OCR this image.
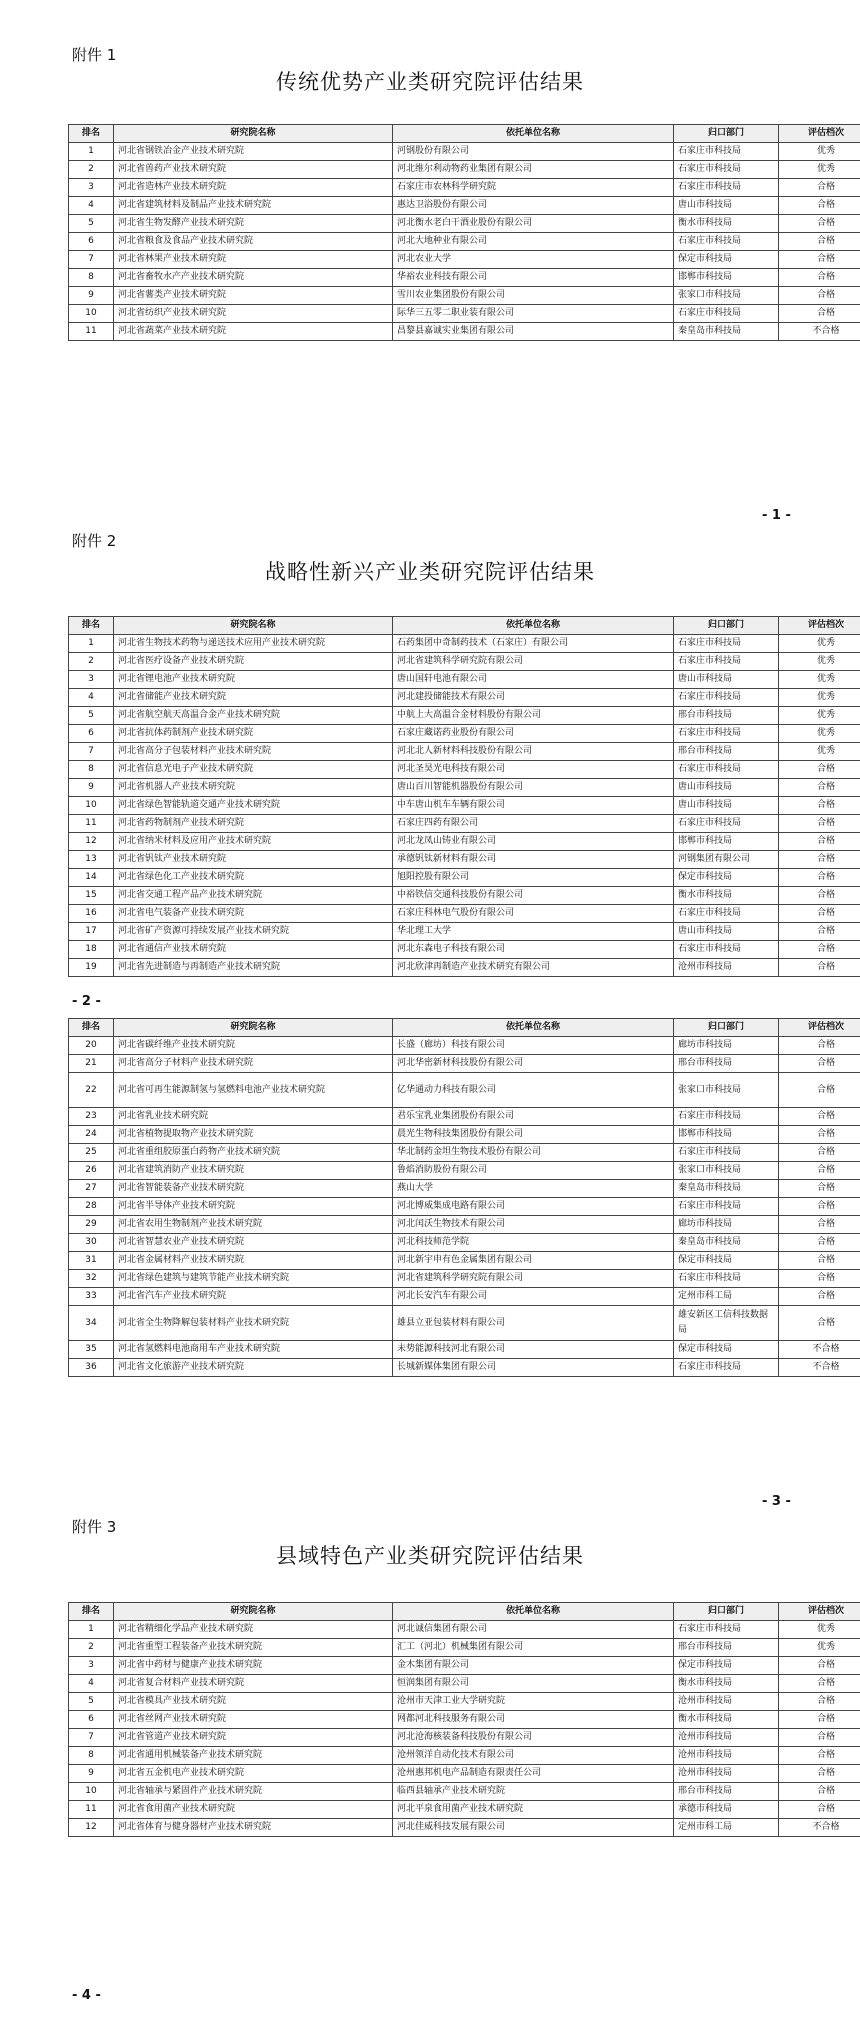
附件 1
传统优势产业类研究院评估结果
排名	研究院名称	依托单位名称	归口部门	评估档次
1	河北省钢铁冶金产业技术研究院	河钢股份有限公司	石家庄市科技局	优秀
2	河北省兽药产业技术研究院	河北维尔利动物药业集团有限公司	石家庄市科技局	优秀
3	河北省造林产业技术研究院	石家庄市农林科学研究院	石家庄市科技局	合格
4	河北省建筑材料及制品产业技术研究院	惠达卫浴股份有限公司	唐山市科技局	合格
5	河北省生物发酵产业技术研究院	河北衡水老白干酒业股份有限公司	衡水市科技局	合格
6	河北省粮食及食品产业技术研究院	河北大地种业有限公司	石家庄市科技局	合格
7	河北省林果产业技术研究院	河北农业大学	保定市科技局	合格
8	河北省畜牧水产产业技术研究院	华裕农业科技有限公司	邯郸市科技局	合格
9	河北省薯类产业技术研究院	雪川农业集团股份有限公司	张家口市科技局	合格
10	河北省纺织产业技术研究院	际华三五零二职业装有限公司	石家庄市科技局	合格
11	河北省蔬菜产业技术研究院	昌黎县嘉诚实业集团有限公司	秦皇岛市科技局	不合格
- 1 -
附件 2
战略性新兴产业类研究院评估结果
排名	研究院名称	依托单位名称	归口部门	评估档次
1	河北省生物技术药物与递送技术应用产业技术研究院	石药集团中奇制药技术（石家庄）有限公司	石家庄市科技局	优秀
2	河北省医疗设备产业技术研究院	河北省建筑科学研究院有限公司	石家庄市科技局	优秀
3	河北省锂电池产业技术研究院	唐山国轩电池有限公司	唐山市科技局	优秀
4	河北省储能产业技术研究院	河北建投储能技术有限公司	石家庄市科技局	优秀
5	河北省航空航天高温合金产业技术研究院	中航上大高温合金材料股份有限公司	邢台市科技局	优秀
6	河北省抗体药制剂产业技术研究院	石家庄藏诺药业股份有限公司	石家庄市科技局	优秀
7	河北省高分子包装材料产业技术研究院	河北北人新材料科技股份有限公司	邢台市科技局	优秀
8	河北省信息光电子产业技术研究院	河北圣昊光电科技有限公司	石家庄市科技局	合格
9	河北省机器人产业技术研究院	唐山百川智能机器股份有限公司	唐山市科技局	合格
10	河北省绿色智能轨道交通产业技术研究院	中车唐山机车车辆有限公司	唐山市科技局	合格
11	河北省药物制剂产业技术研究院	石家庄四药有限公司	石家庄市科技局	合格
12	河北省纳米材料及应用产业技术研究院	河北龙凤山铸业有限公司	邯郸市科技局	合格
13	河北省钒钛产业技术研究院	承德钒钛新材料有限公司	河钢集团有限公司	合格
14	河北省绿色化工产业技术研究院	旭阳控股有限公司	保定市科技局	合格
15	河北省交通工程产品产业技术研究院	中裕铁信交通科技股份有限公司	衡水市科技局	合格
16	河北省电气装备产业技术研究院	石家庄科林电气股份有限公司	石家庄市科技局	合格
17	河北省矿产资源可持续发展产业技术研究院	华北理工大学	唐山市科技局	合格
18	河北省通信产业技术研究院	河北东森电子科技有限公司	石家庄市科技局	合格
19	河北省先进制造与再制造产业技术研究院	河北欣津再制造产业技术研究有限公司	沧州市科技局	合格
- 2 -
排名	研究院名称	依托单位名称	归口部门	评估档次
20	河北省碳纤维产业技术研究院	长盛（廊坊）科技有限公司	廊坊市科技局	合格
21	河北省高分子材料产业技术研究院	河北华密新材科技股份有限公司	邢台市科技局	合格
22	河北省可再生能源制氢与氢燃料电池产业技术研究院	亿华通动力科技有限公司	张家口市科技局	合格
23	河北省乳业技术研究院	君乐宝乳业集团股份有限公司	石家庄市科技局	合格
24	河北省植物提取物产业技术研究院	晨光生物科技集团股份有限公司	邯郸市科技局	合格
25	河北省重组胶原蛋白药物产业技术研究院	华北制药金坦生物技术股份有限公司	石家庄市科技局	合格
26	河北省建筑消防产业技术研究院	鲁焰消防股份有限公司	张家口市科技局	合格
27	河北省智能装备产业技术研究院	燕山大学	秦皇岛市科技局	合格
28	河北省半导体产业技术研究院	河北博威集成电路有限公司	石家庄市科技局	合格
29	河北省农用生物制剂产业技术研究院	河北闰沃生物技术有限公司	廊坊市科技局	合格
30	河北省智慧农业产业技术研究院	河北科技师范学院	秦皇岛市科技局	合格
31	河北省金属材料产业技术研究院	河北新宇申有色金属集团有限公司	保定市科技局	合格
32	河北省绿色建筑与建筑节能产业技术研究院	河北省建筑科学研究院有限公司	石家庄市科技局	合格
33	河北省汽车产业技术研究院	河北长安汽车有限公司	定州市科工局	合格
34	河北省全生物降解包装材料产业技术研究院	雄县立亚包装材料有限公司	雄安新区工信科技数据局	合格
35	河北省氢燃料电池商用车产业技术研究院	未势能源科技河北有限公司	保定市科技局	不合格
36	河北省文化旅游产业技术研究院	长城新媒体集团有限公司	石家庄市科技局	不合格
- 3 -
附件 3
县域特色产业类研究院评估结果
排名	研究院名称	依托单位名称	归口部门	评估档次
1	河北省精细化学品产业技术研究院	河北诚信集团有限公司	石家庄市科技局	优秀
2	河北省重型工程装备产业技术研究院	汇工（河北）机械集团有限公司	邢台市科技局	优秀
3	河北省中药材与健康产业技术研究院	金木集团有限公司	保定市科技局	合格
4	河北省复合材料产业技术研究院	恒润集团有限公司	衡水市科技局	合格
5	河北省模具产业技术研究院	沧州市天津工业大学研究院	沧州市科技局	合格
6	河北省丝网产业技术研究院	网都河北科技服务有限公司	衡水市科技局	合格
7	河北省管道产业技术研究院	河北沧海核装备科技股份有限公司	沧州市科技局	合格
8	河北省通用机械装备产业技术研究院	沧州领洋自动化技术有限公司	沧州市科技局	合格
9	河北省五金机电产业技术研究院	沧州惠邦机电产品制造有限责任公司	沧州市科技局	合格
10	河北省轴承与紧固件产业技术研究院	临西县轴承产业技术研究院	邢台市科技局	合格
11	河北省食用菌产业技术研究院	河北平泉食用菌产业技术研究院	承德市科技局	合格
12	河北省体育与健身器材产业技术研究院	河北佳威科技发展有限公司	定州市科工局	不合格
- 4 -
